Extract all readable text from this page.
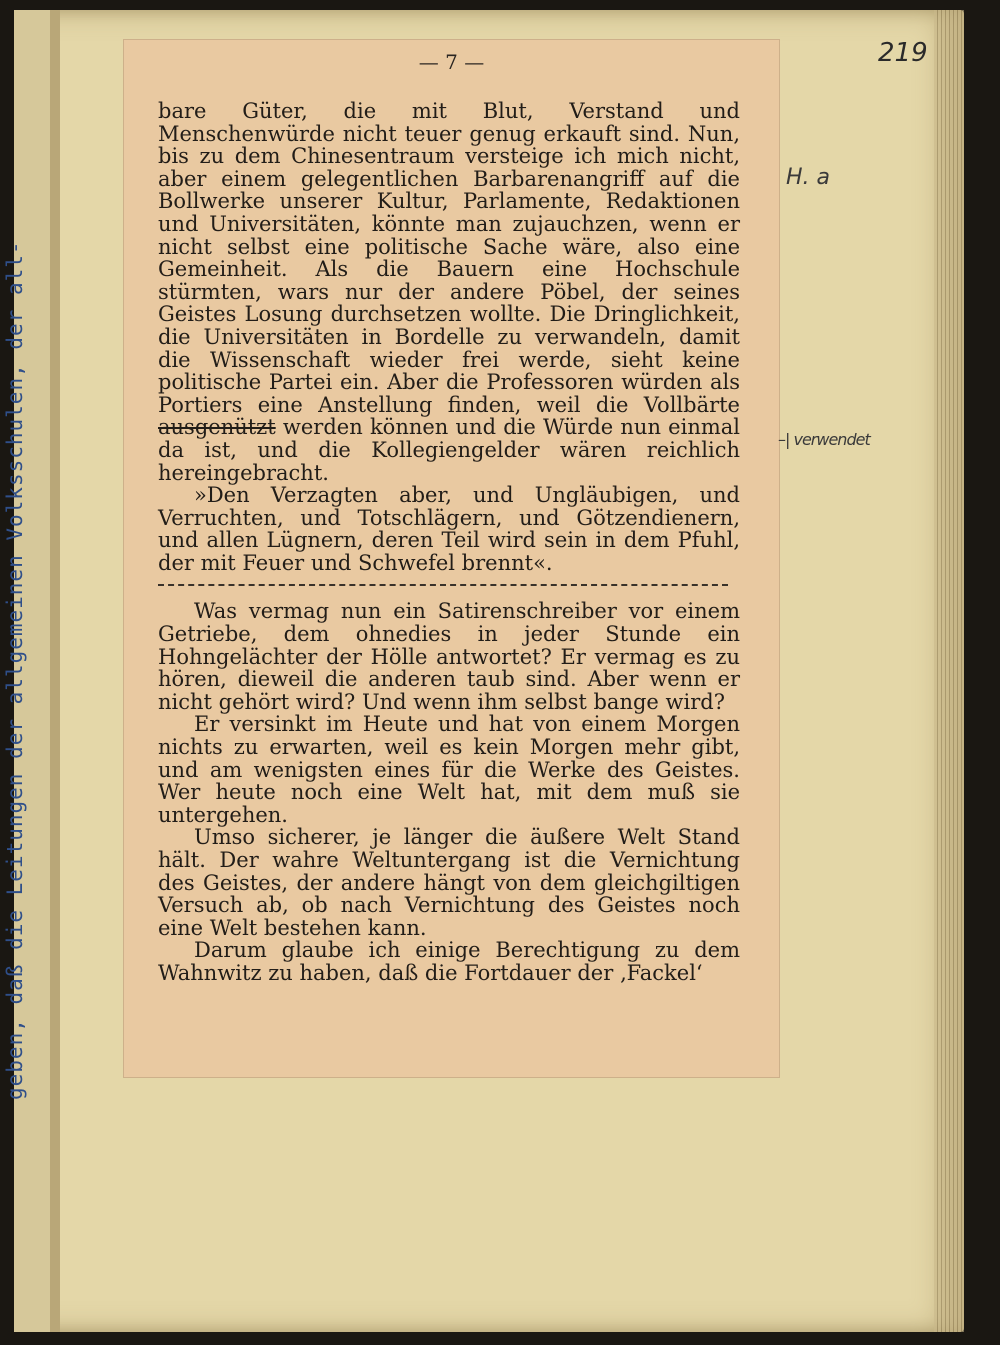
geben, daß die Leitungen der allgemeinen Volksschulen, der all-
219
— 7 —

bare Güter, die mit Blut, Verstand und Menschenwürde nicht teuer genug erkauft sind. Nun, bis zu dem Chinesentraum versteige ich mich nicht, aber einem gelegentlichen Barbarenangriff auf die Bollwerke unserer Kultur, Parlamente, Redaktionen und Universitäten, könnte man zujauchzen, wenn er nicht selbst eine politische Sache wäre, also eine Gemeinheit. Als die Bauern eine Hochschule stürmten, wars nur der andere Pöbel, der seines Geistes Losung durchsetzen wollte. Die Dringlichkeit, die Universitäten in Bordelle zu verwandeln, damit die Wissenschaft wieder frei werde, sieht keine politische Partei ein. Aber die Professoren würden als Portiers eine Anstellung finden, weil die Vollbärte ausgenützt werden können und die Würde nun einmal da ist, und die Kollegiengelder wären reichlich hereingebracht.

»Den Verzagten aber, und Ungläubigen, und Verruchten, und Totschlägern, und Götzendienern, und allen Lügnern, deren Teil wird sein in dem Pfuhl, der mit Feuer und Schwefel brennt«.

Was vermag nun ein Satirenschreiber vor einem Getriebe, dem ohnedies in jeder Stunde ein Hohngelächter der Hölle antwortet? Er vermag es zu hören, dieweil die anderen taub sind. Aber wenn er nicht gehört wird? Und wenn ihm selbst bange wird?

Er versinkt im Heute und hat von einem Morgen nichts zu erwarten, weil es kein Morgen mehr gibt, und am wenigsten eines für die Werke des Geistes. Wer heute noch eine Welt hat, mit dem muß sie untergehen.

Umso sicherer, je länger die äußere Welt Stand hält. Der wahre Weltuntergang ist die Vernichtung des Geistes, der andere hängt von dem gleichgiltigen Versuch ab, ob nach Vernichtung des Geistes noch eine Welt bestehen kann.

Darum glaube ich einige Berechtigung zu dem Wahnwitz zu haben, daß die Fortdauer der ‚Fackel‘

H. a
–| verwendet
